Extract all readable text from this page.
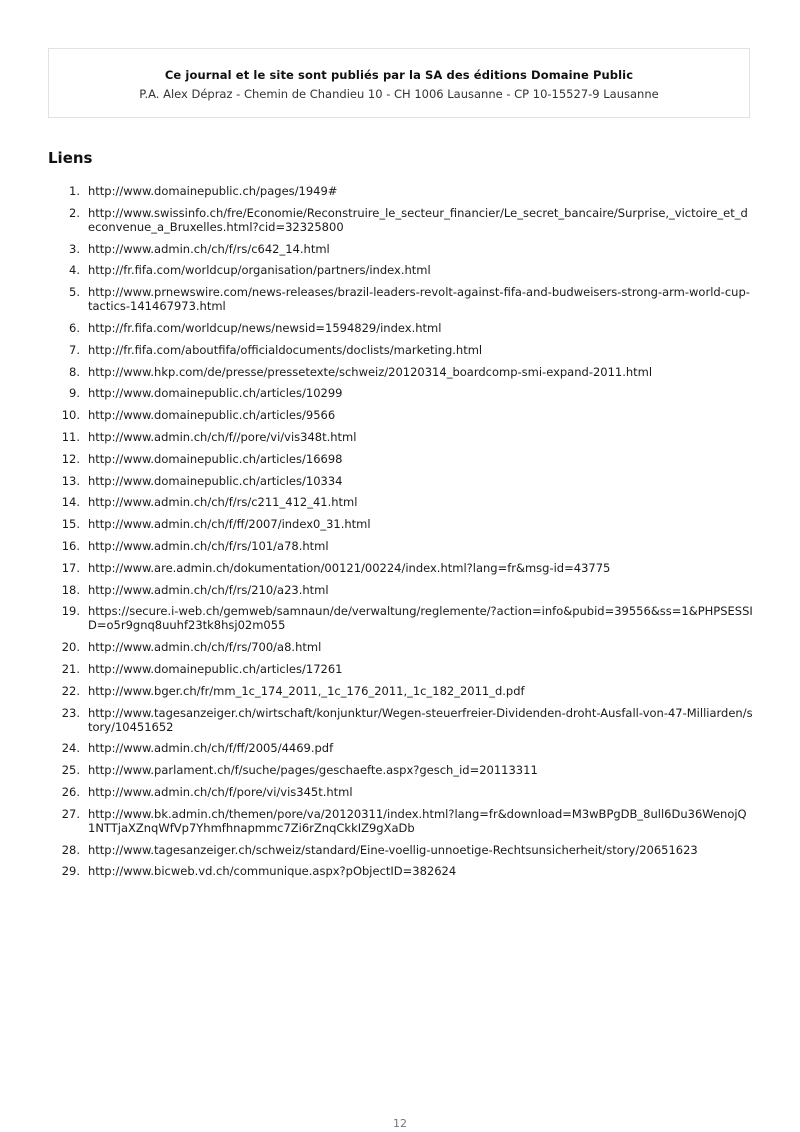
Ce journal et le site sont publiés par la SA des éditions Domaine Public
P.A. Alex Dépraz - Chemin de Chandieu 10 - CH 1006 Lausanne - CP 10-15527-9 Lausanne
Liens
1. http://www.domainepublic.ch/pages/1949#
2. http://www.swissinfo.ch/fre/Economie/Reconstruire_le_secteur_financier/Le_secret_bancaire/Surprise,_victoire_et_deconvenue_a_Bruxelles.html?cid=32325800
3. http://www.admin.ch/ch/f/rs/c642_14.html
4. http://fr.fifa.com/worldcup/organisation/partners/index.html
5. http://www.prnewswire.com/news-releases/brazil-leaders-revolt-against-fifa-and-budweisers-strong-arm-world-cup-tactics-141467973.html
6. http://fr.fifa.com/worldcup/news/newsid=1594829/index.html
7. http://fr.fifa.com/aboutfifa/officialdocuments/doclists/marketing.html
8. http://www.hkp.com/de/presse/pressetexte/schweiz/20120314_boardcomp-smi-expand-2011.html
9. http://www.domainepublic.ch/articles/10299
10. http://www.domainepublic.ch/articles/9566
11. http://www.admin.ch/ch/f//pore/vi/vis348t.html
12. http://www.domainepublic.ch/articles/16698
13. http://www.domainepublic.ch/articles/10334
14. http://www.admin.ch/ch/f/rs/c211_412_41.html
15. http://www.admin.ch/ch/f/ff/2007/index0_31.html
16. http://www.admin.ch/ch/f/rs/101/a78.html
17. http://www.are.admin.ch/dokumentation/00121/00224/index.html?lang=fr&msg-id=43775
18. http://www.admin.ch/ch/f/rs/210/a23.html
19. https://secure.i-web.ch/gemweb/samnaun/de/verwaltung/reglemente/?action=info&pubid=39556&ss=1&PHPSESSID=o5r9gnq8uuhf23tk8hsj02m055
20. http://www.admin.ch/ch/f/rs/700/a8.html
21. http://www.domainepublic.ch/articles/17261
22. http://www.bger.ch/fr/mm_1c_174_2011,_1c_176_2011,_1c_182_2011_d.pdf
23. http://www.tagesanzeiger.ch/wirtschaft/konjunktur/Wegen-steuerfreier-Dividenden-droht-Ausfall-von-47-Milliarden/story/10451652
24. http://www.admin.ch/ch/f/ff/2005/4469.pdf
25. http://www.parlament.ch/f/suche/pages/geschaefte.aspx?gesch_id=20113311
26. http://www.admin.ch/ch/f/pore/vi/vis345t.html
27. http://www.bk.admin.ch/themen/pore/va/20120311/index.html?lang=fr&download=M3wBPgDB_8ull6Du36WenojQ1NTTjaXZnqWfVp7Yhmfhnapmmc7Zi6rZnqCkkIZ9gXaDb
28. http://www.tagesanzeiger.ch/schweiz/standard/Eine-voellig-unnoetige-Rechtsunsicherheit/story/20651623
29. http://www.bicweb.vd.ch/communique.aspx?pObjectID=382624
12
